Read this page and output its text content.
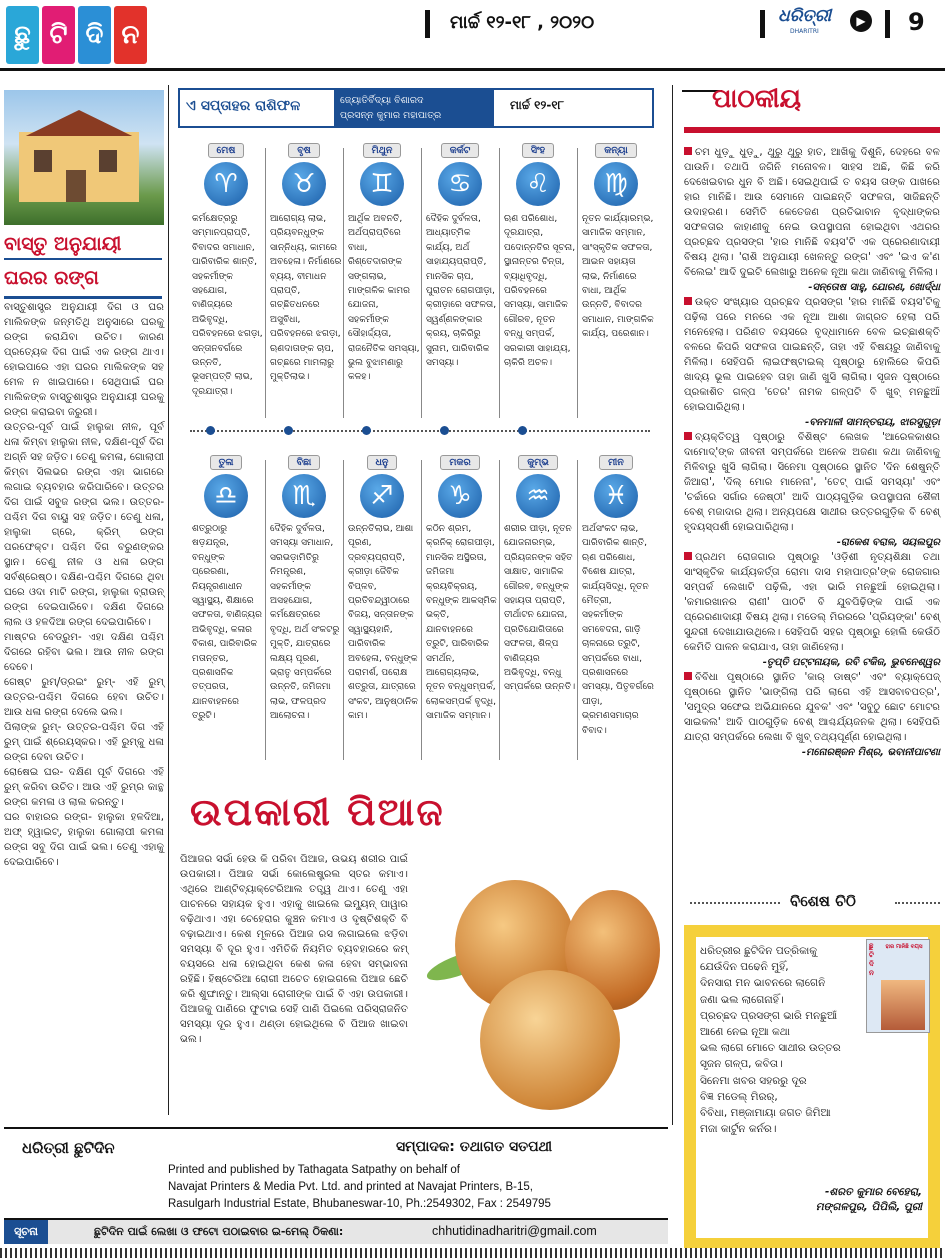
ଛୁ ଟି ଦି ନ	ମାର୍ଚ୍ଚ ୧୨-୧୮ , ୨୦୨୦	ଧରିତ୍ରୀ
DHARITRI
▶ 9
ବାସ୍ତୁ ଅନୁଯାୟୀ
ଘରର ରଙ୍ଗ

ବାସ୍ତୁଶାସ୍ତ୍ର ଅନୁଯାୟୀ ଦିଗ ଓ ଘର ମାଲିକଙ୍କ ଜନ୍ମତିଥି ଅନୁସାରେ ଘରକୁ ରଙ୍ଗ କରାଯିବା ଉଚିତ। କାରଣ ପ୍ରତ୍ୟେକ ଦିଗ ପାଇଁ ଏକ ରଙ୍ଗ ଥାଏ। ହୋଇପାରେ ଏହା ଘରର ମାଲିକଙ୍କ ସହ ମେଳ ନ ଖାଇପାରେ। ସେଥିପାଇଁ ଘର ମାଲିକଙ୍କ ବାସ୍ତୁଶାସ୍ତ୍ର ଅନୁଯାୟୀ ଘରକୁ ରଙ୍ଗ କରାଇବା ଜରୁରୀ।

ଉତ୍ତର-ପୂର୍ବ ପାଇଁ ହାଲୁକା ନୀଳ, ପୂର୍ବ ଧଳା କିମ୍ବା ହାଲୁକା ନୀଳ, ଦକ୍ଷିଣ-ପୂର୍ବ ଦିଗ ଅଗ୍ନି ସହ ଜଡ଼ିତ। ତେଣୁ କମଳା, ଗୋଲାପୀ କିମ୍ବା ସିଲଭର ରଙ୍ଗ ଏହା ଭାଗରେ ଲଗାଇ ବ୍ୟବହାର କରିପାରିବେ। ଉତ୍ତର ଦିଗ ପାଇଁ ସବୁଜ ରଙ୍ଗ ଭଲ। ଉତ୍ତର-ପଶ୍ଚିମ ଦିଗ ବାୟୁ ସହ ଜଡ଼ିତ। ତେଣୁ ଧଳା, ହାଲୁକା ଗ୍ରେ, କ୍ରିମ୍ ରଙ୍ଗ ପରଫେକ୍ଟ। ପଶ୍ଚିମ ଦିଗ ବରୁଣଙ୍କର ସ୍ଥାନ। ତେଣୁ ନୀଳ ଓ ଧଳା ରଙ୍ଗ ସର୍ବଶ୍ରେଷ୍ଠ। ଦକ୍ଷିଣ-ପଶ୍ଚିମ ଦିଗରେ ଥିବା ଘରେ ଓଦା ମାଟି ରଙ୍ଗ, ହାଲୁକା ବ୍ରାଉନ୍ ରଙ୍ଗ ଦେଇପାରିବେ। ଦକ୍ଷିଣ ଦିଗରେ ଲାଲ ଓ ହଳଦିଆ ରଙ୍ଗ ଦେଇପାରିବେ।

ମାଷ୍ଟର ବେଡ୍‌ରୁମ- ଏହା ଦକ୍ଷିଣ ପଶ୍ଚିମ ଦିଗରେ ରହିବା ଭଲ। ଆଉ ନୀଳ ରଙ୍ଗ ଦେବେ।

ଗେଷ୍ଟ ରୁମ୍/ଡ୍ରଇଂ ରୁମ୍- ଏହି ରୁମ୍ ଉତ୍ତର-ପଶ୍ଚିମ ଦିଗରେ ହେବା ଉଚିତ। ଆଉ ଧଳା ରଙ୍ଗ ଦେଲେ ଭଲ।

ପିଲାଙ୍କ ରୁମ୍- ଉତ୍ତର-ପଶ୍ଚିମ ଦିଗ ଏହି ରୁମ୍ ପାଇଁ ଶ୍ରେୟସ୍କର। ଏହି ରୁମ୍‌କୁ ଧଳା ରଙ୍ଗ ଦେବା ଉଚିତ।

ରୋଷେଇ ଘର- ଦକ୍ଷିଣ ପୂର୍ବ ଦିଗରେ ଏହି ରୁମ୍ କରିବା ଉଚିତ। ଆଉ ଏହି ରୁମ୍‌ର କାନ୍ଥ ରଙ୍ଗ କମଳା ଓ ଲାଲ କରନ୍ତୁ।

ଘର ବାହାରର ରଙ୍ଗ- ହାଲୁକା ହଳଦିଆ, ଅଫ୍ ହ୍ୱାଇଟ୍, ହାଲୁକା ଗୋଲାପୀ କମଳା ରଙ୍ଗ ସବୁ ଦିଗ ପାଇଁ ଭଲ। ତେଣୁ ଏହାକୁ ଦେଇପାରିବେ।

ଏ ସପ୍ତାହର ରାଶିଫଳ	ଜ୍ୟୋତିର୍ବିଦ୍ୟା ବିଶାରଦ
ପ୍ରସନ୍ନ କୁମାର ମହାପାତ୍ର
ମାର୍ଚ୍ଚ ୧୨-୧୮
ମେଷ
♈
କର୍ମକ୍ଷେତ୍ରରୁ ସମ୍ମାନପ୍ରାପ୍ତି, ବିବାଦର ସମାଧାନ, ପାରିବାରିକ ଶାନ୍ତି, ସହକର୍ମୀଙ୍କ ସହଯୋଗ, ବାଣିଜ୍ୟରେ ଅଭିବୃଦ୍ଧି, ପରିବହନରେ ଝଗଡ଼ା, ସନ୍ତାନବର୍ଗରେ ଉନ୍ନତି, ଭୂସମ୍ପତ୍ତି ଲାଭ, ଦୂରଯାତ୍ରା।
ବୃଷ
♉
ଆରୋଗ୍ୟ ଲାଭ, ପ୍ରିୟବନ୍ଧୁଙ୍କ ସାନ୍ନିଧ୍ୟ, କାମରେ ଅବହେଳା। ନିର୍ମାଣରେ ବ୍ୟୟ, ବୀମାଧନ ପ୍ରାପ୍ତି, ଗଚ୍ଛିତଧନରେ ଅସୁବିଧା, ପରିବହନରେ ଝଗଡ଼ା, ଋଣଦାତାଙ୍କ ଚାପ, ଗଚ୍ଛରେ ମାମଲାରୁ ମୁକ୍ତିଲାଭ।
ମିଥୁନ
♊
ଆର୍ଥିକ ଅବନତି, ଅର୍ଥପ୍ରାପ୍ତିରେ ବାଧା, ରିଶ୍ତେଦାରଙ୍କ ସଙ୍ଗଲାଭ, ମାଙ୍ଗଳିକ କାମର ଯୋଜନା, ସହକର୍ମୀଙ୍କ ସୌହାର୍ଦ୍ଦ୍ୟତା, ରାଜନୈତିକ ସମସ୍ୟା, ଭୁଲ ବୁଝାମଣାରୁ କଳହ।
କର୍କଟ
♋
ଦୈହିକ ଦୁର୍ବଳତା, ଆଧ୍ୟାତ୍ମିକ କାର୍ଯ୍ୟ, ଅର୍ଥ ସାହାଯ୍ୟପ୍ରାପ୍ତି, ମାନସିକ ଚାପ, ପୁରାତନ ରୋଗପୀଡ଼ା, କ୍ରୀଡ଼ାରେ ସଫଳତା, ସ୍ୱର୍ଣ୍ଣଳଙ୍କାର କ୍ରୟ, ଚାକିରିରୁ ସୁନାମ, ପାରିବାରିକ ସମସ୍ୟା।
ସିଂହ
♌
ଋଣ ପରିଶୋଧ, ଦୂରଯାତ୍ରା, ପଦୋନ୍ନତିର ସୂଚନା, ସ୍ଥାନାନ୍ତର ଚିନ୍ତା, ବ୍ୟାଧିବୃଦ୍ଧି, ପରିବହନରେ ସମସ୍ୟା, ସାମାଜିକ ଗୌରବ, ନୂତନ ବନ୍ଧୁ ସମ୍ପର୍କ, ସରକାରୀ ସାହାଯ୍ୟ, ଚାକିରି ଅଚଳ।
କନ୍ୟା
♍
ନୂତନ କାର୍ଯ୍ୟାରମ୍ଭ, ସାମାଜିକ ସମ୍ମାନ, ସାଂସ୍କୃତିକ ସଫଳତା, ଆଇନ ସହାୟତା ଲାଭ, ନିର୍ମାଣରେ ବାଧା, ଆର୍ଥିକ ଉନ୍ନତି, ବିବାଦର ସମାଧାନ, ମାଙ୍ଗଳିକ କାର୍ଯ୍ୟ, ପରେଶାନ।
ତୁଳା
♎
ଶତ୍ରୁଠାରୁ ଷଡ଼ଯନ୍ତ୍ର, ବନ୍ଧୁଙ୍କ ପ୍ରେରଣା, ନିୟନ୍ତ୍ରଣାଧୀନ ସ୍ୱାସ୍ଥ୍ୟ, ଶିକ୍ଷାରେ ସଫଳତା, ବାଣିଜ୍ୟର ଅଭିବୃଦ୍ଧି, କଳାର ବିକାଶ, ପାରିବାରିକ ମତାନ୍ତର, ପ୍ରଶାସନିକ ତତ୍ପରତା, ଯାନବାହନରେ ତ୍ରୁଟି।
ବିଛା
♏
ଦୈହିକ ଦୁର୍ବଳତା, ସମସ୍ୟା ସମାଧାନ, ସରଭଡ଼ାମିତିରୁ ନିମନ୍ତ୍ରଣ, ସହକର୍ମୀଙ୍କ ଅସହଯୋଗ, କର୍ମକ୍ଷେତ୍ରରେ ବୃଦ୍ଧି, ଅର୍ଥ ସଂକଟରୁ ମୁକ୍ତି, ଯାତ୍ରାରେ ଲକ୍ଷ୍ୟ ପୂରଣ, ଭ୍ରାତୃ ସମ୍ପର୍କରେ ଉନ୍ନତି, ଜମିଜମା ଲାଭ, ଫଳପ୍ରଦ ଆଲୋଚନା।
ଧନୁ
♐
ଉନ୍ନତିଲାଭ, ଆଶା ପୂରଣ, ଦ୍ରବ୍ୟପ୍ରାପ୍ତି, କ୍ରୀଡ଼ା ଜୈବିକ ବିପ୍ଳବ, ପ୍ରତିବନ୍ଦ୍ୱୀଠାରେ ବିଜୟ, ସନ୍ତାନଙ୍କ ସ୍ୱାସ୍ଥ୍ୟହାନି, ପାରିବାରିକ ଅବହେଳା, ବନ୍ଧୁଙ୍କ ପରାମର୍ଶ, ପରୋକ୍ଷ ଶତ୍ରୁତା, ଯାତ୍ରାରେ ସଂକଟ, ଆନୁଷ୍ଠାନିକ କାମ।
ମକର
♑
କଠିନ ଶ୍ରମ, କ୍ରନିକ୍ ରୋଗପୀଡ଼ା, ମାନସିକ ଅସ୍ଥିରତା, ଜମିଜମା କ୍ରୟବିକ୍ରୟ, ବନ୍ଧୁଙ୍କ ଆକସ୍ମିକ ଭକ୍ତି, ଯାନବାହନରେ ତ୍ରୁଟି, ପାରିବାରିକ ସମର୍ଥନ, ଆରୋଗ୍ୟଲାଭ, ନୂତନ ବନ୍ଧୁସମ୍ପର୍କ, ଲୋକସମ୍ପର୍କ ବୃଦ୍ଧି, ସାମାଜିକ ସମ୍ମାନ।
କୁମ୍ଭ
♒
ଶରୀର ପୀଡ଼ା, ନୂତନ ଯୋଜନାରମ୍ଭ, ପ୍ରିୟଜନଙ୍କ ସହିତ ସାକ୍ଷାତ, ସାମାଜିକ ଗୌରବ, ବନ୍ଧୁଙ୍କ ସହାୟତା ପ୍ରାପ୍ତି, ତୀର୍ଥାଟନ ଯୋଜନା, ପ୍ରତିଯୋଗିତାରେ ସଫଳତା, ଶିଳ୍ପ ବାଣିଜ୍ୟର ଅଭିବୃଦ୍ଧି, ବନ୍ଧୁ ସମ୍ପର୍କରେ ଉନ୍ନତି।
ମୀନ
♓
ଅର୍ଥସଂକଟ ଲାଭ, ପାରିବାରିକ ଶାନ୍ତି, ଋଣ ପରିଶୋଧ, ବିଶେଷ ଯାତ୍ରା, କାର୍ଯ୍ୟସିଦ୍ଧି, ନୂତନ ମୈତ୍ରୀ, ସହକର୍ମୀଙ୍କ ସମବେଦନା, ଗାଡ଼ି ଚାଳନାରେ ତ୍ରୁଟି, ସମ୍ପର୍କରେ ବାଧା, ପ୍ରଶାସନରେ ସମସ୍ୟା, ପିତୃବର୍ଗରେ ପୀଡ଼ା, ଭ୍ରମଣସମାଚାର ବିବାଦ।
ଉପକାରୀ ପିଆଜ
ପିଆଜର ସର୍ଭା ହେଉ କି ପରିବା ପିଆଜ, ଉଭୟ ଶରୀର ପାଇଁ ଉପକାରୀ। ପିଆଜ ସର୍ଭା କୋଲେଷ୍ଟ୍ରଲ ସ୍ତର କମାଏ। ଏଥିରେ ଆଣ୍ଟିବ୍ୟାକ୍ଟେରିଆଲ ତତ୍ତ୍ୱ ଥାଏ। ତେଣୁ ଏହା ପାଚନରେ ସହାୟକ ହୁଏ। ଏହାକୁ ଖାଇଲେ ଇମ୍ୟୁନ୍ ପାୱାର ବଢ଼ିଥାଏ। ଏହା ଚେହେରାର କୁଞ୍ଚନ କମାଏ ଓ ଦୃଷ୍ଟିଶକ୍ତି ବି ବଢ଼ାଇଥାଏ। କେଶ ମୂଳରେ ପିଆଜ ରସ ଲଗାଇଲେ ଝଡ଼ିବା ସମସ୍ୟା ବି ଦୂର ହୁଏ। ଏମିତିକି ନିୟମିତ ବ୍ୟବହାରରେ କମ୍ ବୟସରେ ଧଳା ହୋଇଥିବା କେଶ କଳା ହେବା ସମ୍ଭାବନା ରହିଛି। ହିଷ୍ଟେରିଆ ରୋଗୀ ଅଚେତ ହୋଇଗଲେ ପିଆଜ ଛେଚି କରି ଶୁଙ୍ଘାନ୍ତୁ। ଆଲ୍ସା ରୋଗୀଙ୍କ ପାଇଁ ବି ଏହା ଉପକାରୀ। ପିଆଜକୁ ପାଣିରେ ଫୁଟାଇ ସେହି ପାଣି ପିଇଲେ ପରିସ୍ରାଜନିତ ସମସ୍ୟା ଦୂର ହୁଏ। ଥଣ୍ଡା ହୋଇଥିଲେ ବି ପିଆଜ ଖାଇବା ଭଲ।
ପାଠକୀୟ

ଚମ ଧୁଡ଼ୁ ଧୁଡ଼ୁ, ଥୁରୁ ଥୁରୁ ହାତ, ଆଖିକୁ ଦିଶୁନି, ଦେହରେ ବଳ ପାଉନି। ତଥାପି ଜଗିନି ମନୋବଳ। ସାହସ ଅଛି, କିଛି କରି ଦେଖେଇବାର ଧୁନ ବି ଅଛି। ସେଇଥିପାଇଁ ତ ବୟସ ତାଙ୍କ ପାଖରେ ହାର ମାନିଛି। ଆଉ ସେମାନେ ପାଇଛନ୍ତି ସଫଳତା, ସାଜିଛନ୍ତି ଉଦାହରଣ। ସେମିତି କେତେଜଣ ପ୍ରତିଭାବାନ ବୃଦ୍ଧାଙ୍କର ସଫଳତାର କାହାଣୀକୁ ନେଇ ଉପସ୍ଥାପନା ହୋଇଥିବା ଏଥରର ପ୍ରଚ୍ଛଦ ପ୍ରସଙ୍ଗ 'ହାର ମାନିଛି ବୟସ'ଟି ଏକ ପ୍ରେରଣାଦାୟୀ ବିଷୟ ଥିଲା। 'ରାଶି ଅନୁଯାୟୀ ଖେଳନ୍ତୁ ରଙ୍ଗ' ଏବଂ 'ଇଏ କ'ଣ ବିଲେଇ' ଆଦି ଦୁଇଟି ଲେଖାରୁ ଅନେକ ନୂଆ କଥା ଜାଣିବାକୁ ମିଳିଲା।

-ସନ୍ତୋଷ ସାହୁ, ଯୋରଣ, ଖୋର୍ଦ୍ଧା

ଉକ୍ତ ସଂଖ୍ୟାର ପ୍ରଚ୍ଛଦ ପ୍ରସଙ୍ଗ 'ହାର ମାନିଛି ବୟସ'ଟିକୁ ପଢ଼ିଲା ପରେ ମନରେ ଏକ ନୂଆ ଆଶା ଜାଗ୍ରତ ହେଲା ପରି ମନେହେଲା। ପରିଣତ ବୟସରେ ବୃଦ୍ଧାମାନେ ବେଳ ଇଚ୍ଛାଶକ୍ତି ବଳରେ କିପରି ସଫଳତା ପାଇଛନ୍ତି, ତାହା ଏହି ବିଷୟରୁ ଜାଣିବାକୁ ମିଳିଲା। ସେହିପରି ଲାଇଫଷ୍ଟାଇଲ୍ ପୃଷ୍ଠାରୁ ହୋଲିରେ କିପରି ଖାଦ୍ୟ ଭୂଲ ପାଇହେବ ତାହା ଜାଣି ଖୁସି ଲାଗିଲା। ସୃଜନ ପୃଷ୍ଠାରେ ପ୍ରକାଶିତ ଗଳ୍ପ 'ତେର' ନାମକ ଗଳ୍ପଟି ବି ଖୁବ୍ ମନଛୁଆଁ ହୋଇପାରିଥିଲା।

-ବନମାଳୀ ସାମନ୍ତରାୟ, ଝାରସୁଗୁଡ଼ା

ବ୍ୟକ୍ତିତ୍ୱ ପୃଷ୍ଠାରୁ ବିଶିଷ୍ଟ ଲେଖକ 'ଆରେଳକାଶର ଦାମୋଦ୍'ଙ୍କ ଜୀବନୀ ସମ୍ପର୍କରେ ଅନେକ ଅଜଣା କଥା ଜାଣିବାକୁ ମିଳିବାରୁ ଖୁସି ଲାଗିଲା। ସିନେମା ପୃଷ୍ଠାରେ ସ୍ଥାନିତ 'ଦିନ ଶେଷୁନ୍ତି ଜିଆରା', 'ଦିଲ୍ ମୋର ମାନେନା', 'ତେଟ୍ ପାଇଁ ସମସ୍ୟା' ଏବଂ 'ଚର୍ଚ୍ଚାରେ ସର୍ଗାର ଜେଷ୍ଠୀ' ଆଦି ପାଠ୍ୟଗୁଡ଼ିକ ଉପସ୍ଥାପନା ଶୈଳୀ ବେଶ୍ ମଜାଦାର ଥିଲା। ଅନ୍ୟପକ୍ଷେ ସାଥୀର ଉତ୍ତରଗୁଡ଼ିକ ବି ବେଶ୍ ହୃଦୟସ୍ପର୍ଶୀ ହୋଇପାରିଥିଲା।

-ରାକେଶ ବରାଳ, ସୟଲପୁର

ପ୍ରଥମ ରୋଜଗାର ପୃଷ୍ଠାରୁ 'ଓଡ଼ିଶୀ ନୃତ୍ୟଶିକ୍ଷା ତଥା ସାଂସ୍କୃତିକ କାର୍ଯ୍ୟକର୍ତ୍ତା ରୋମା ଦାସ ମହାପାତ୍ର'ଙ୍କ ରୋଜଗାର ସମ୍ପର୍କ ଲେଖାଟି ପଢ଼ିଲି, ଏହା ଭାରି ମନଛୁଆଁ ହୋଇଥିଲା। 'କମାରଖାନର ରାଣୀ' ପାଠଟି ବି ଯୁବପିଢ଼ିଙ୍କ ପାଇଁ ଏକ ପ୍ରେରଣାଦାୟୀ ବିଷୟ ଥିଲା। ମଡେଲ୍ ମିରରରେ 'ପ୍ରିୟଙ୍କା' ବେଶ୍ ସୁନ୍ଦରୀ ଦେଖାଯାଉଥିଲେ। ସେହିପରି ସହର ପୃଷ୍ଠାରୁ ହୋଲି କେଉଁଠି କେମିତି ପାଳନ କରାଯାଏ, ତାହା ଜାଣିହେଲା।

-ତୃପ୍ତି ପଟ୍ଟନାୟକ, ରବି ଟକିଜ, ଭୁବନେଶ୍ୱର

ବିବିଧା ପୃଷ୍ଠାରେ ସ୍ଥାନିତ 'କାର୍ ଡାଷ୍ଟ' ଏବଂ ବ୍ୟାକ୍‌ପେଜ୍ ପୃଷ୍ଠାରେ ସ୍ଥାନିତ 'ଭାଙ୍ଗିଲା ପରି ଲାଗେ ଏହି ଆସବାବପତ୍ର', 'ସମୁଦ୍ର ସଫେଇ ଅଭିଯାନରେ ଯୁବକ' ଏବଂ 'ସବୁଠୁ ଛୋଟ ମୋଟର ସାଇକଲ' ଆଦି ପାଠଗୁଡ଼ିକ ବେଶ୍ ଆଶ୍ଚର୍ଯ୍ୟଜନକ ଥିଲା। ସେହିପରି ଯାତ୍ରା ସମ୍ପର୍କରେ ଲେଖା ବି ଖୁବ୍ ତଥ୍ୟପୂର୍ଣ୍ଣ ହୋଇଥିଲା।

-ମନୋରଞ୍ଜନ ମିଶ୍ର, ଭବାନୀପାଟଣା
ବିଶେଷ ଚିଠି
ଛୁ
ଟି
ଦି
ନ
ହାର ମାନିଛି ବୟସ
ଧରିତ୍ରୀର ଛୁଟିଦିନ ପତ୍ରିକାକୁ
ଯେଉଁଦିନ ପଢେନି ମୁହିଁ,
ଦିନସାରା ମନ ଭାବନରେ ଲାଗେନି
ଜଣା ଭଲ ଲାଗେନାହିଁ।
ପ୍ରଚ୍ଛଦ ପ୍ରସଙ୍ଗ ଭାରି ମନଛୁଆଁ
ଆଣେ ନେଇ ନୂଆ କଥା
ଭଲ ଲାଗେ ମୋତେ ସାଥୀର ଉତ୍ତର
ସୃଜନ ଗଳ୍ପ, କବିତା।
ସିନେମା ଖବର ସହରରୁ ଦୂର
ବିଜ୍ଞ ମଡେଲ୍ ମିରର୍,
ବିବିଧା, ମଞ୍ଜାମାୟା ଜଗତ ଜିମିଆ
ମଜା କାର୍ଟୁନ କର୍ନର।
-ଶରତ କୁମାର ବେହେରା,
ମଙ୍ଗଳପୁର, ପିପିଲି, ପୁରୀ
ଧରିତ୍ରୀ ଛୁଟିଦିନ	ସମ୍ପାଦକ: ତଥାଗତ ସତପଥୀ
Printed and published by Tathagata Satpathy on behalf of
Navajat Printers & Media Pvt. Ltd. and printed at Navajat Printers, B-15,
Rasulgarh Industrial Estate, Bhubaneswar-10, Ph.:2549302, Fax : 2549795
ସୂଚନା	ଛୁଟିଦିନ ପାଇଁ ଲେଖା ଓ ଫଟୋ ପଠାଇବାର ଇ-ମେଲ୍ ଠିକଣା:	chhutidinadharitri@gmail.com
